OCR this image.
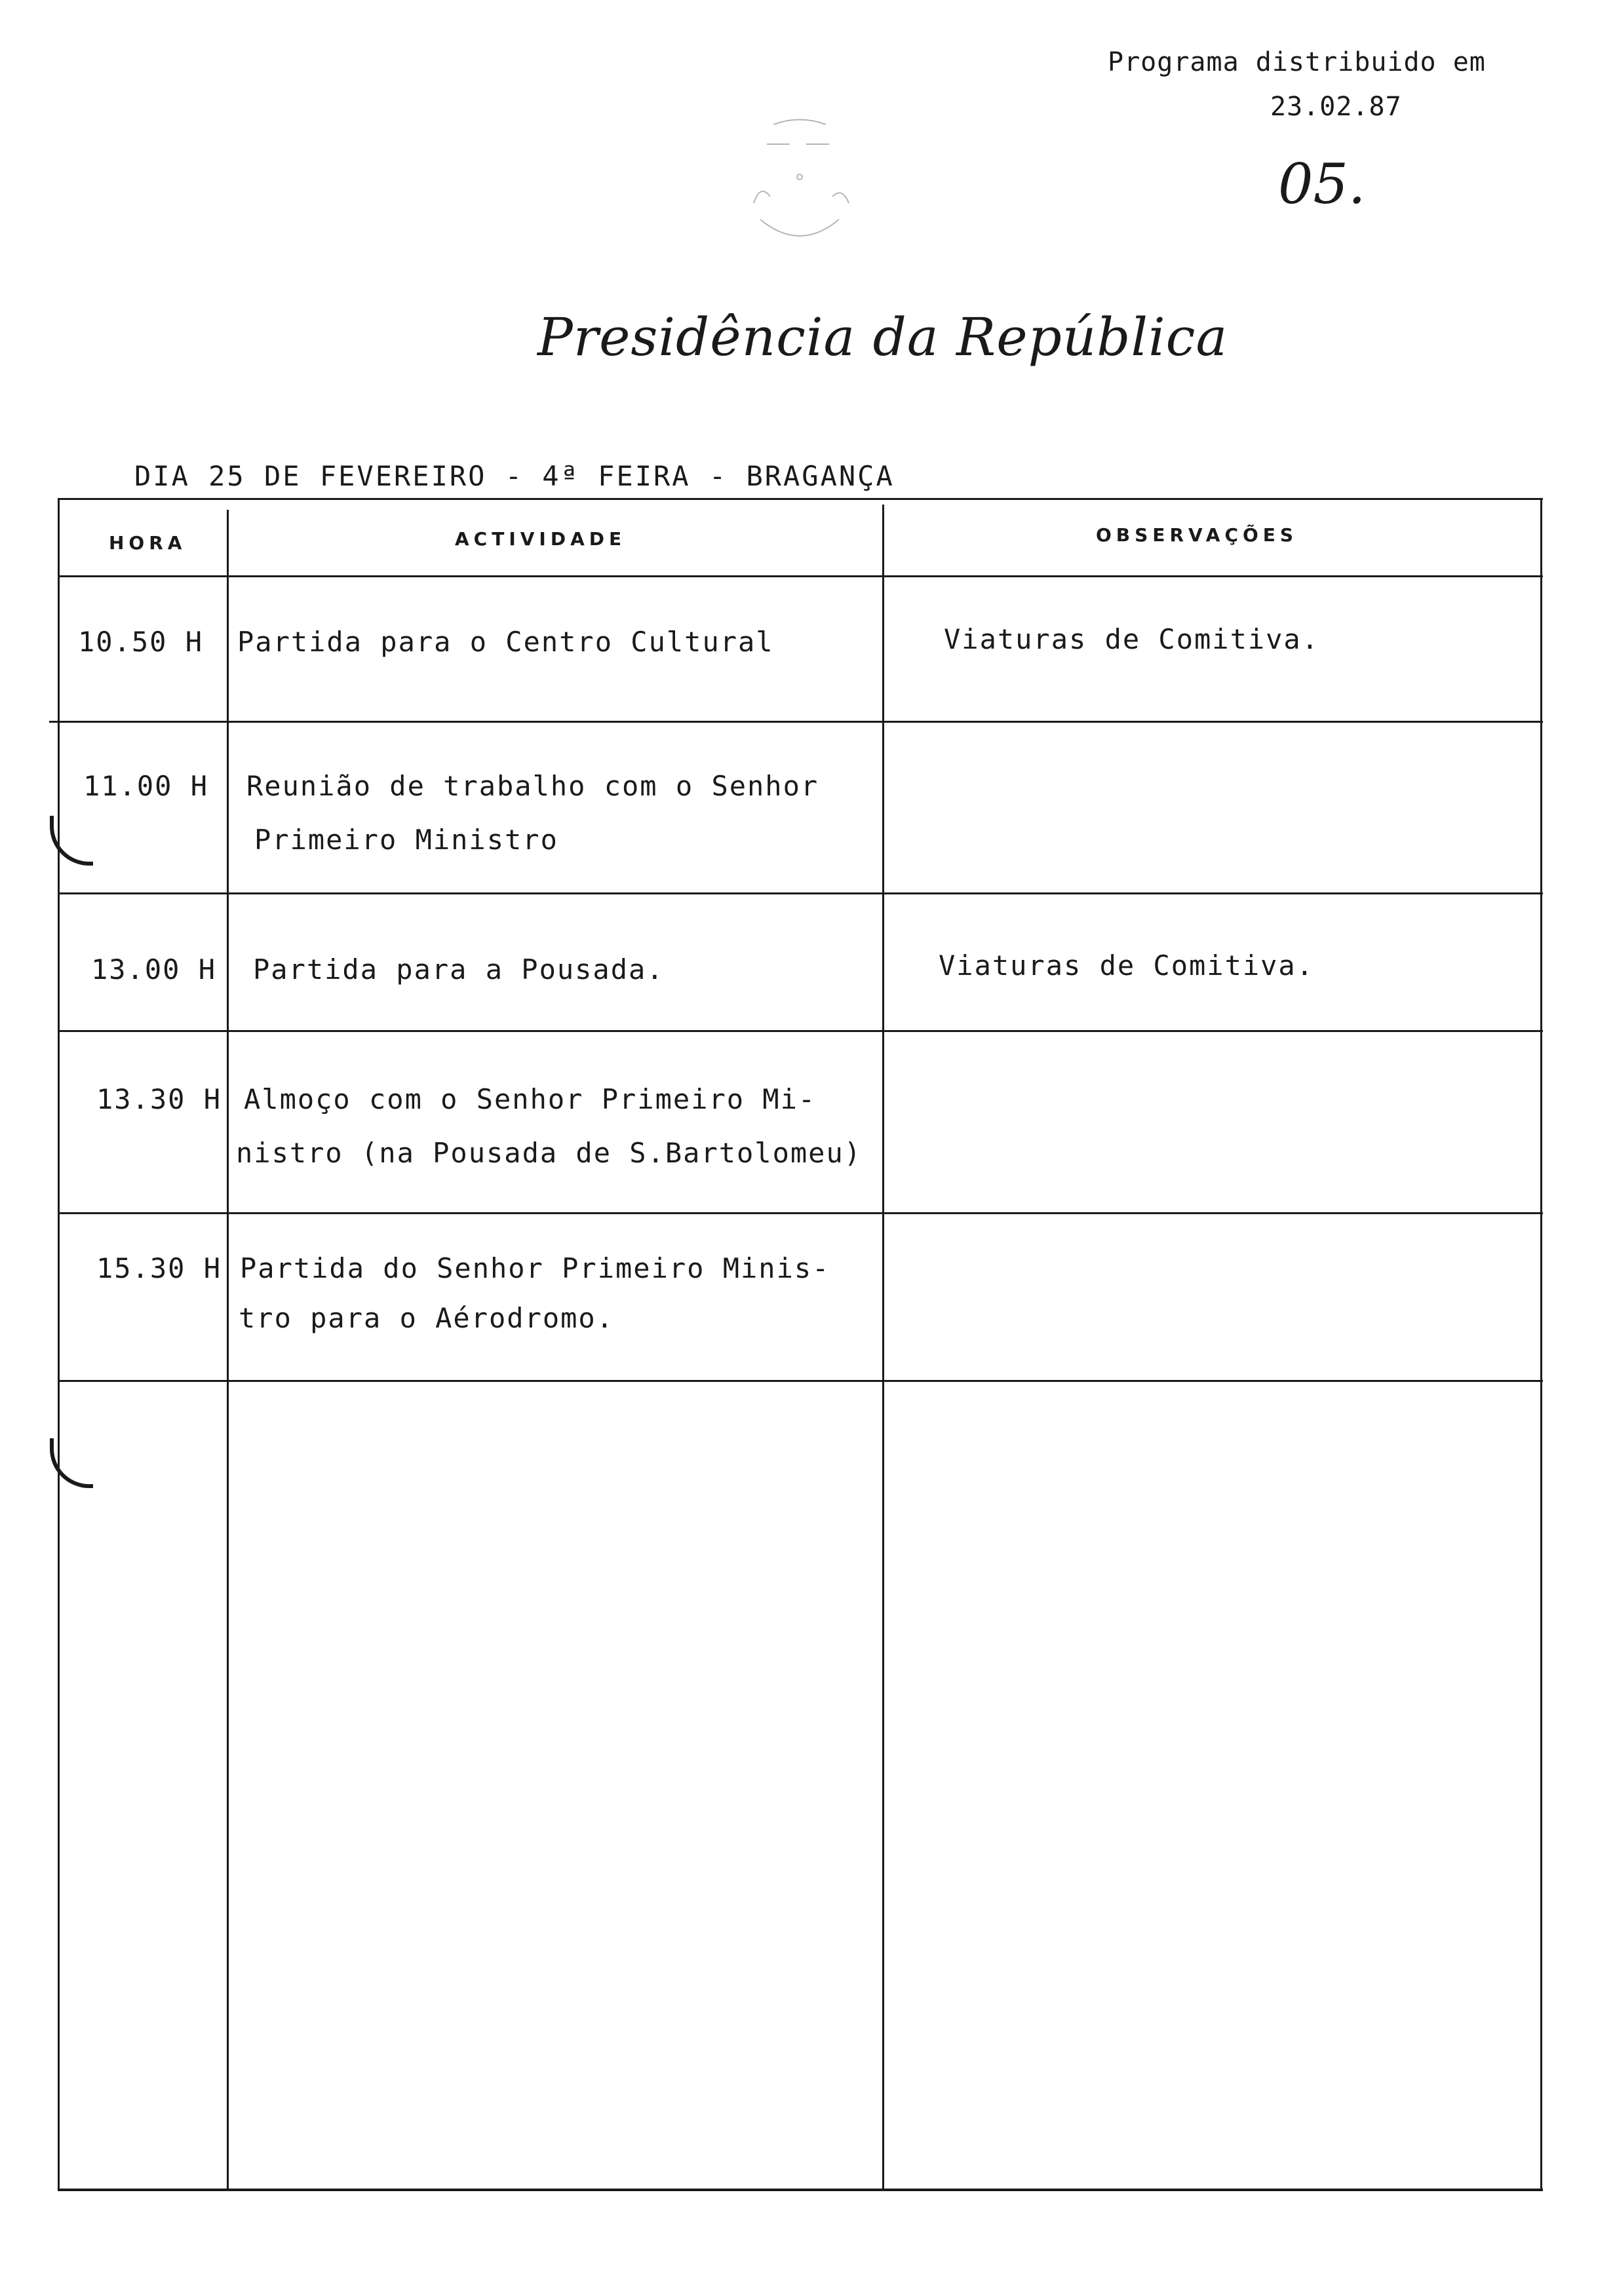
Programa distribuido em
23.02.87
05.
Presidência da República
DIA 25 DE FEVEREIRO - 4ª FEIRA - BRAGANÇA
HORA	ACTIVIDADE	OBSERVAÇÕES
10.50 H Partida para o Centro Cultural	Viaturas de Comitiva.
11.00 H Reunião de trabalho com o Senhor
Primeiro Ministro
13.00 H Partida para a Pousada.	Viaturas de Comitiva.
13.30 H Almoço com o Senhor Primeiro Mi-
nistro (na Pousada de S.Bartolomeu)
15.30 H Partida do Senhor Primeiro Minis-
tro para o Aérodromo.
